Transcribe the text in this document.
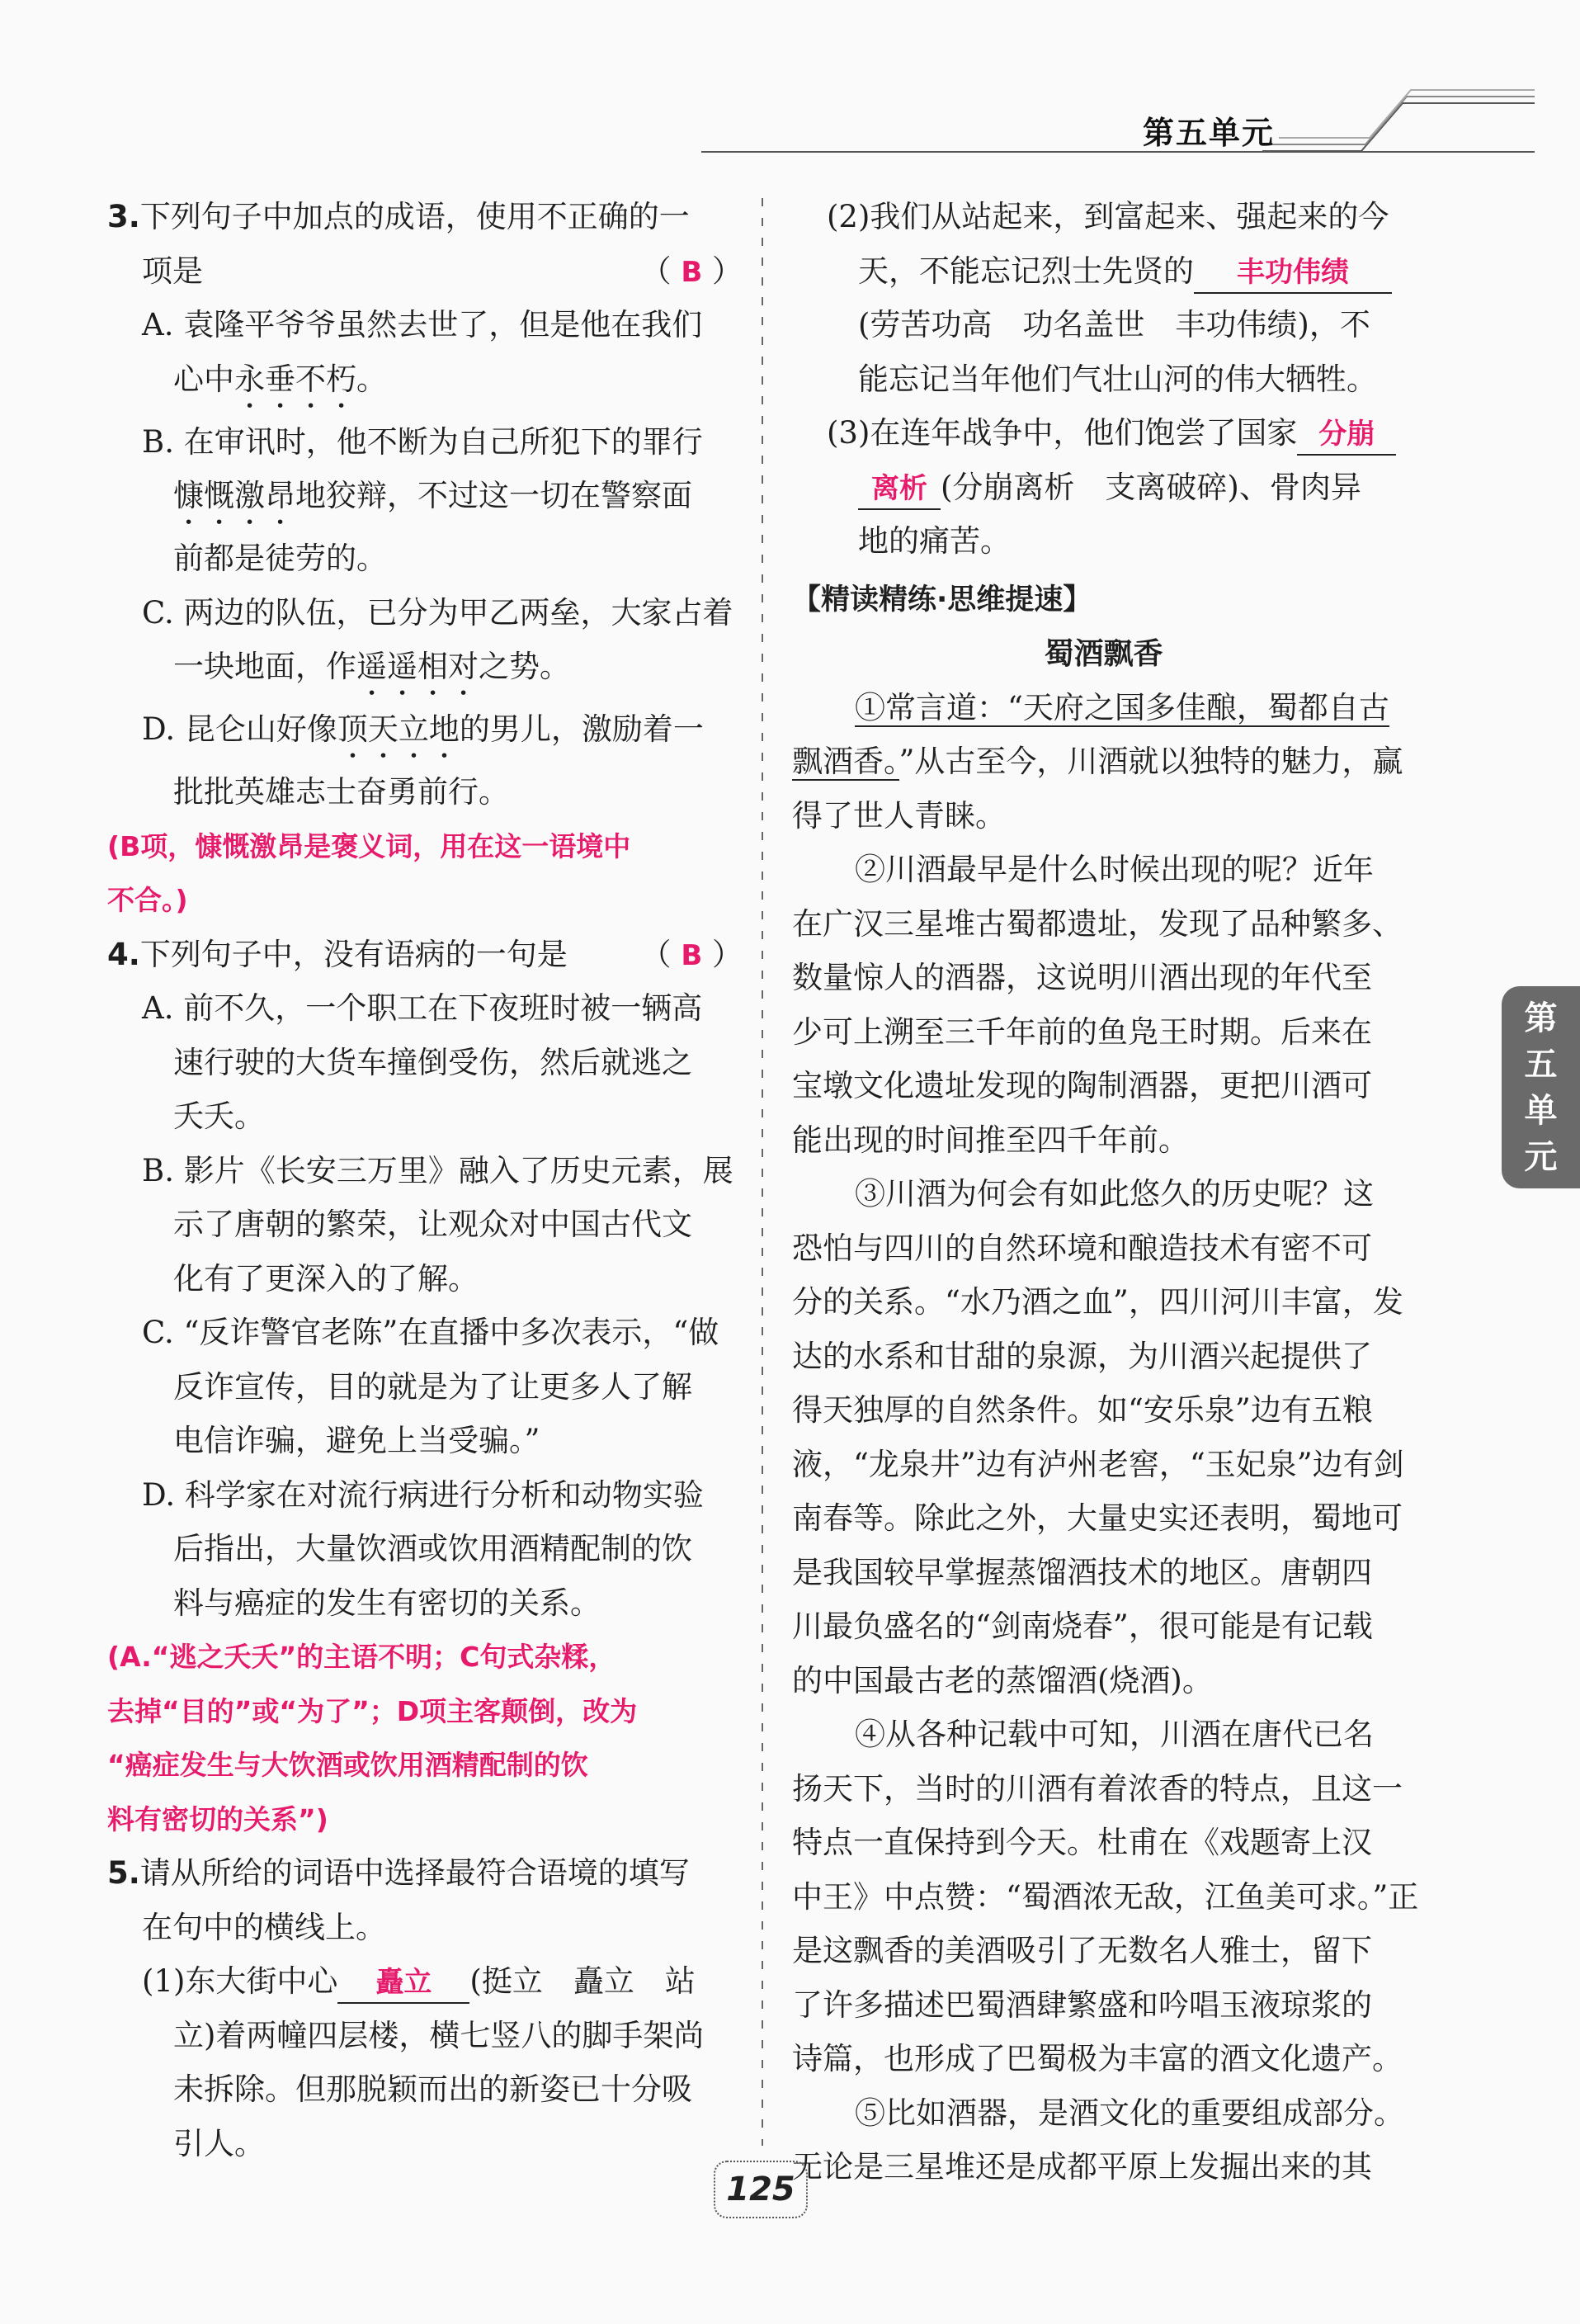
第五单元
第
五
单
元
3.下列句子中加点的成语，使用不正确的一
项是	（ B ）
A. 袁隆平爷爷虽然去世了，但是他在我们
心中永垂不朽。
B. 在审讯时，他不断为自己所犯下的罪行
慷慨激昂地狡辩，不过这一切在警察面
前都是徒劳的。
C. 两边的队伍，已分为甲乙两垒，大家占着
一块地面，作遥遥相对之势。
D. 昆仑山好像顶天立地的男儿，激励着一
批批英雄志士奋勇前行。
(B项，慷慨激昂是褒义词，用在这一语境中
不合。)
4.下列句子中，没有语病的一句是 （ B ）
A. 前不久，一个职工在下夜班时被一辆高
速行驶的大货车撞倒受伤，然后就逃之
夭夭。
B. 影片《长安三万里》融入了历史元素，展
示了唐朝的繁荣，让观众对中国古代文
化有了更深入的了解。
C. “反诈警官老陈”在直播中多次表示，“做
反诈宣传，目的就是为了让更多人了解
电信诈骗，避免上当受骗。”
D. 科学家在对流行病进行分析和动物实验
后指出，大量饮酒或饮用酒精配制的饮
料与癌症的发生有密切的关系。
(A.“逃之夭夭”的主语不明；C句式杂糅，
去掉“目的”或“为了”；D项主客颠倒，改为
“癌症发生与大饮酒或饮用酒精配制的饮
料有密切的关系”)
5.请从所给的词语中选择最符合语境的填写
在句中的横线上。
(1)东大街中心 矗立 (挺立　矗立　站
立)着两幢四层楼，横七竖八的脚手架尚
未拆除。但那脱颖而出的新姿已十分吸
引人。
(2)我们从站起来，到富起来、强起来的今
天，不能忘记烈士先贤的 丰功伟绩
(劳苦功高　功名盖世　丰功伟绩)，不
能忘记当年他们气壮山河的伟大牺牲。
(3)在连年战争中，他们饱尝了国家 分崩
离析 (分崩离析　支离破碎)、骨肉异
地的痛苦。
【精读精练·思维提速】
蜀酒飘香
①常言道：“天府之国多佳酿，蜀都自古
飘酒香。”从古至今，川酒就以独特的魅力，赢
得了世人青睐。
②川酒最早是什么时候出现的呢？近年
在广汉三星堆古蜀都遗址，发现了品种繁多、
数量惊人的酒器，这说明川酒出现的年代至
少可上溯至三千年前的鱼凫王时期。后来在
宝墩文化遗址发现的陶制酒器，更把川酒可
能出现的时间推至四千年前。
③川酒为何会有如此悠久的历史呢？这
恐怕与四川的自然环境和酿造技术有密不可
分的关系。“水乃酒之血”，四川河川丰富，发
达的水系和甘甜的泉源，为川酒兴起提供了
得天独厚的自然条件。如“安乐泉”边有五粮
液，“龙泉井”边有泸州老窖，“玉妃泉”边有剑
南春等。除此之外，大量史实还表明，蜀地可
是我国较早掌握蒸馏酒技术的地区。唐朝四
川最负盛名的“剑南烧春”，很可能是有记载
的中国最古老的蒸馏酒(烧酒)。
④从各种记载中可知，川酒在唐代已名
扬天下，当时的川酒有着浓香的特点，且这一
特点一直保持到今天。杜甫在《戏题寄上汉
中王》中点赞：“蜀酒浓无敌，江鱼美可求。”正
是这飘香的美酒吸引了无数名人雅士，留下
了许多描述巴蜀酒肆繁盛和吟唱玉液琼浆的
诗篇，也形成了巴蜀极为丰富的酒文化遗产。
⑤比如酒器，是酒文化的重要组成部分。
无论是三星堆还是成都平原上发掘出来的其
125
